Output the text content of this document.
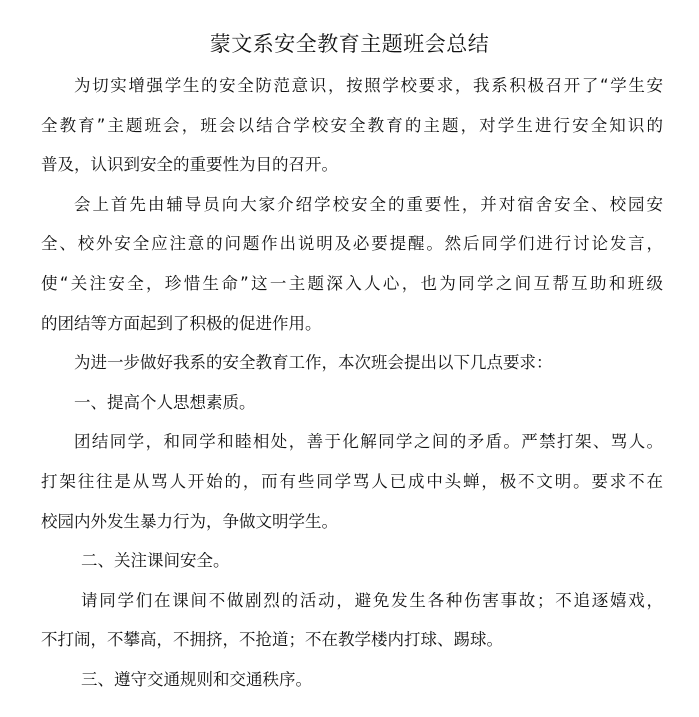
蒙文系安全教育主题班会总结
为切实增强学生的安全防范意识，按照学校要求，我系积极召开了“学生安
全教育”主题班会，班会以结合学校安全教育的主题，对学生进行安全知识的
普及，认识到安全的重要性为目的召开。
会上首先由辅导员向大家介绍学校安全的重要性，并对宿舍安全、校园安
全、校外安全应注意的问题作出说明及必要提醒。然后同学们进行讨论发言，
使“关注安全，珍惜生命”这一主题深入人心，也为同学之间互帮互助和班级
的团结等方面起到了积极的促进作用。
为进一步做好我系的安全教育工作，本次班会提出以下几点要求：
一、提高个人思想素质。
团结同学，和同学和睦相处，善于化解同学之间的矛盾。严禁打架、骂人。
打架往往是从骂人开始的，而有些同学骂人已成中头蝉，极不文明。要求不在
校园内外发生暴力行为，争做文明学生。
二、关注课间安全。
请同学们在课间不做剧烈的活动，避免发生各种伤害事故；不追逐嬉戏，
不打闹，不攀高，不拥挤，不抢道；不在教学楼内打球、踢球。
三、遵守交通规则和交通秩序。
